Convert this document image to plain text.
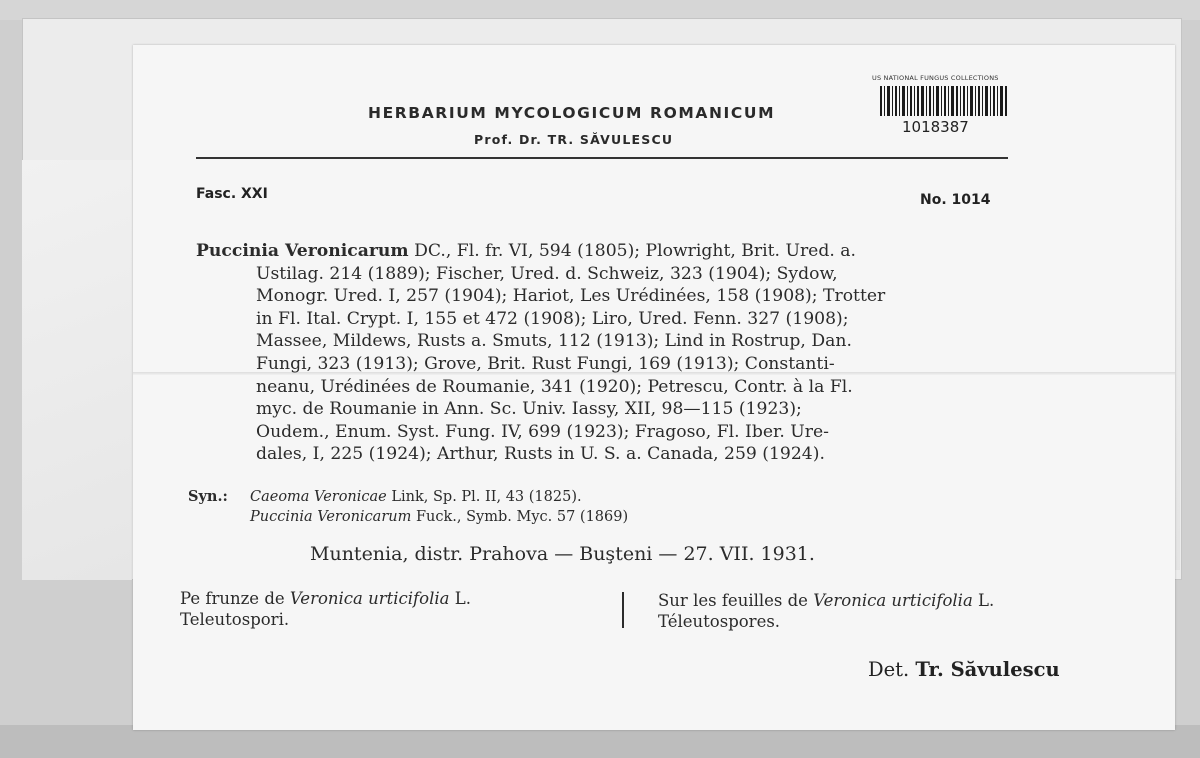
US NATIONAL FUNGUS COLLECTIONS
1018387
HERBARIUM MYCOLOGICUM ROMANICUM
Prof. Dr. TR. SĂVULESCU
Fasc. XXI	No. 1014
Puccinia Veronicarum DC., Fl. fr. VI, 594 (1805); Plowright, Brit. Ured. a.
Ustilag. 214 (1889); Fischer, Ured. d. Schweiz, 323 (1904); Sydow,
Monogr. Ured. I, 257 (1904); Hariot, Les Urédinées, 158 (1908); Trotter
in Fl. Ital. Crypt. I, 155 et 472 (1908); Liro, Ured. Fenn. 327 (1908);
Massee, Mildews, Rusts a. Smuts, 112 (1913); Lind in Rostrup, Dan.
Fungi, 323 (1913); Grove, Brit. Rust Fungi, 169 (1913); Constanti-
neanu, Urédinées de Roumanie, 341 (1920); Petrescu, Contr. à la Fl.
myc. de Roumanie in Ann. Sc. Univ. Iassy, XII, 98—115 (1923);
Oudem., Enum. Syst. Fung. IV, 699 (1923); Fragoso, Fl. Iber. Ure-
dales, I, 225 (1924); Arthur, Rusts in U. S. a. Canada, 259 (1924).
Syn.: Caeoma Veronicae Link, Sp. Pl. II, 43 (1825).
Puccinia Veronicarum Fuck., Symb. Myc. 57 (1869)
Muntenia, distr. Prahova — Buşteni — 27. VII. 1931.
Pe frunze de Veronica urticifolia L.
Teleutospori.
Sur les feuilles de Veronica urticifolia L.
Téleutospores.
Det. Tr. Săvulescu
